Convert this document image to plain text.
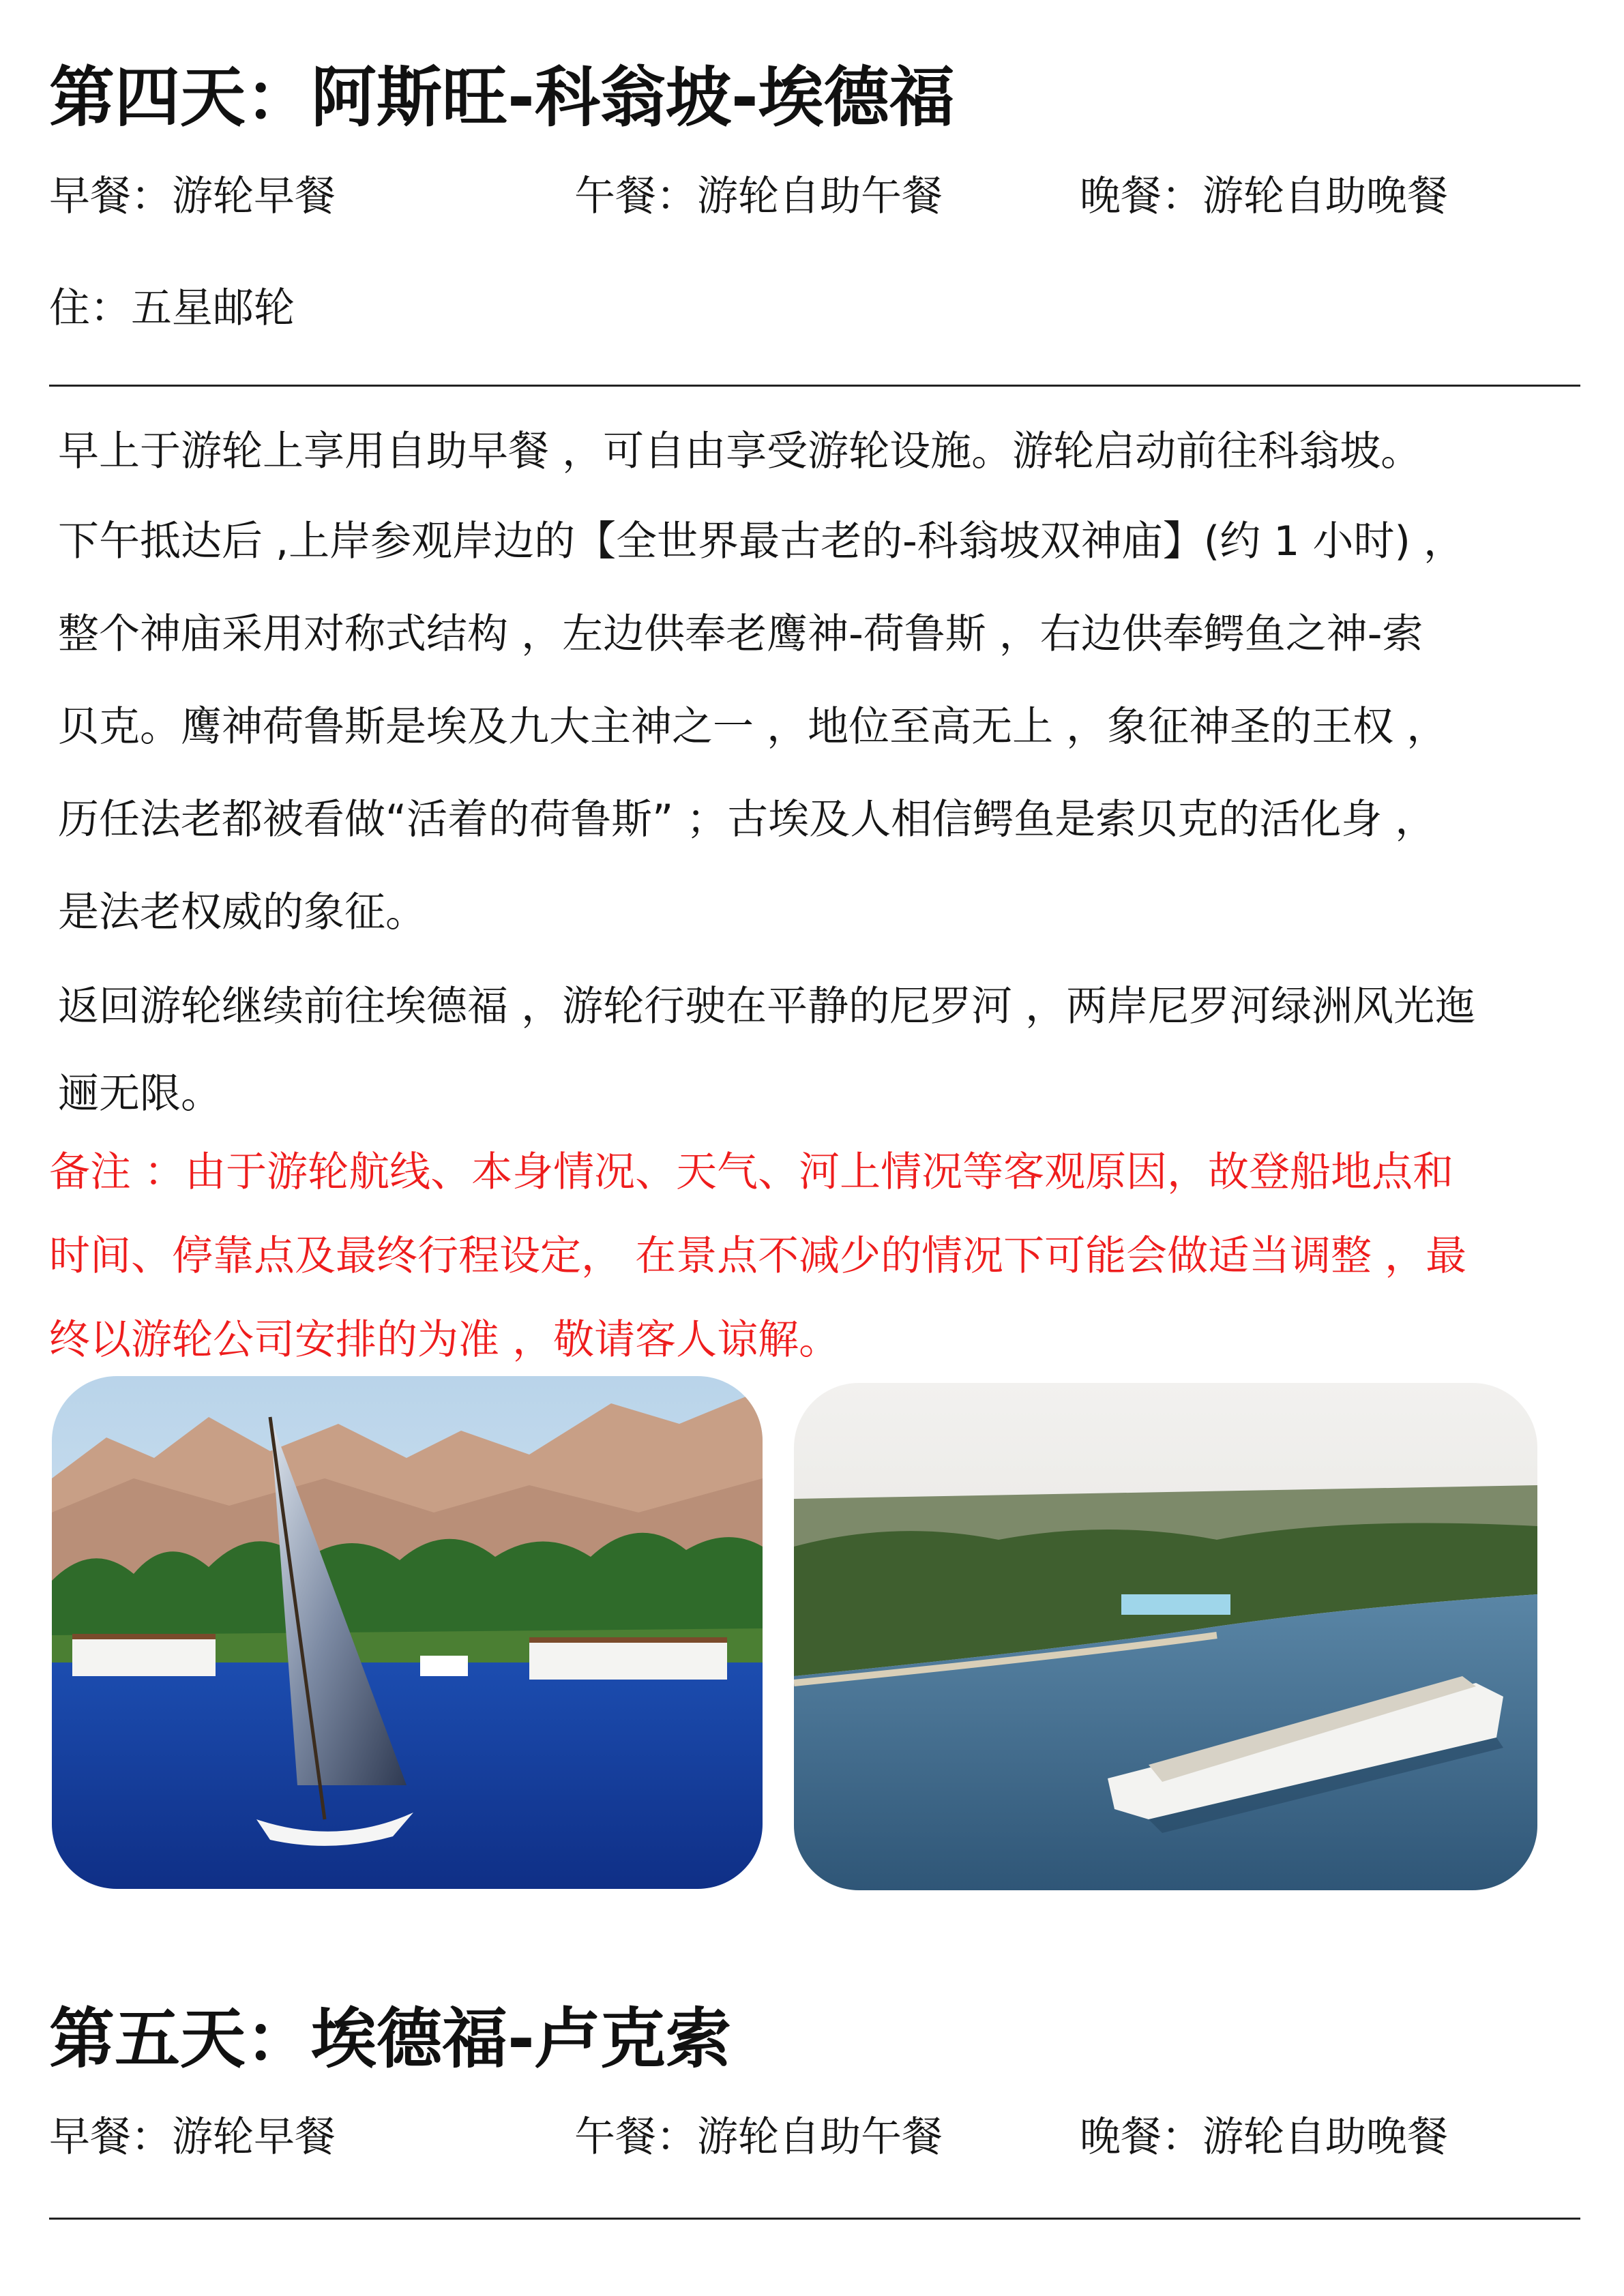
第四天：阿斯旺-科翁坡-埃德福

早餐：游轮早餐	午餐：游轮自助午餐	晚餐：游轮自助晚餐

住：五星邮轮

早上于游轮上享用自助早餐 ，可自由享受游轮设施。游轮启动前往科翁坡。
下午抵达后 ,上岸参观岸边的【全世界最古老的-科翁坡双神庙】(约 1 小时) ，
整个神庙采用对称式结构 ，左边供奉老鹰神-荷鲁斯 ，右边供奉鳄鱼之神-索
贝克。鹰神荷鲁斯是埃及九大主神之一 ，地位至高无上 ，象征神圣的王权 ，
历任法老都被看做“活着的荷鲁斯” ；古埃及人相信鳄鱼是索贝克的活化身 ，
是法老权威的象征。
返回游轮继续前往埃德福 ，游轮行驶在平静的尼罗河 ，两岸尼罗河绿洲风光迤
逦无限。
备注 ：由于游轮航线、本身情况、天气、河上情况等客观原因，故登船地点和
时间、停靠点及最终行程设定， 在景点不减少的情况下可能会做适当调整 ，最
终以游轮公司安排的为准 ，敬请客人谅解。
第五天：埃德福-卢克索

早餐：游轮早餐	午餐：游轮自助午餐	晚餐：游轮自助晚餐
